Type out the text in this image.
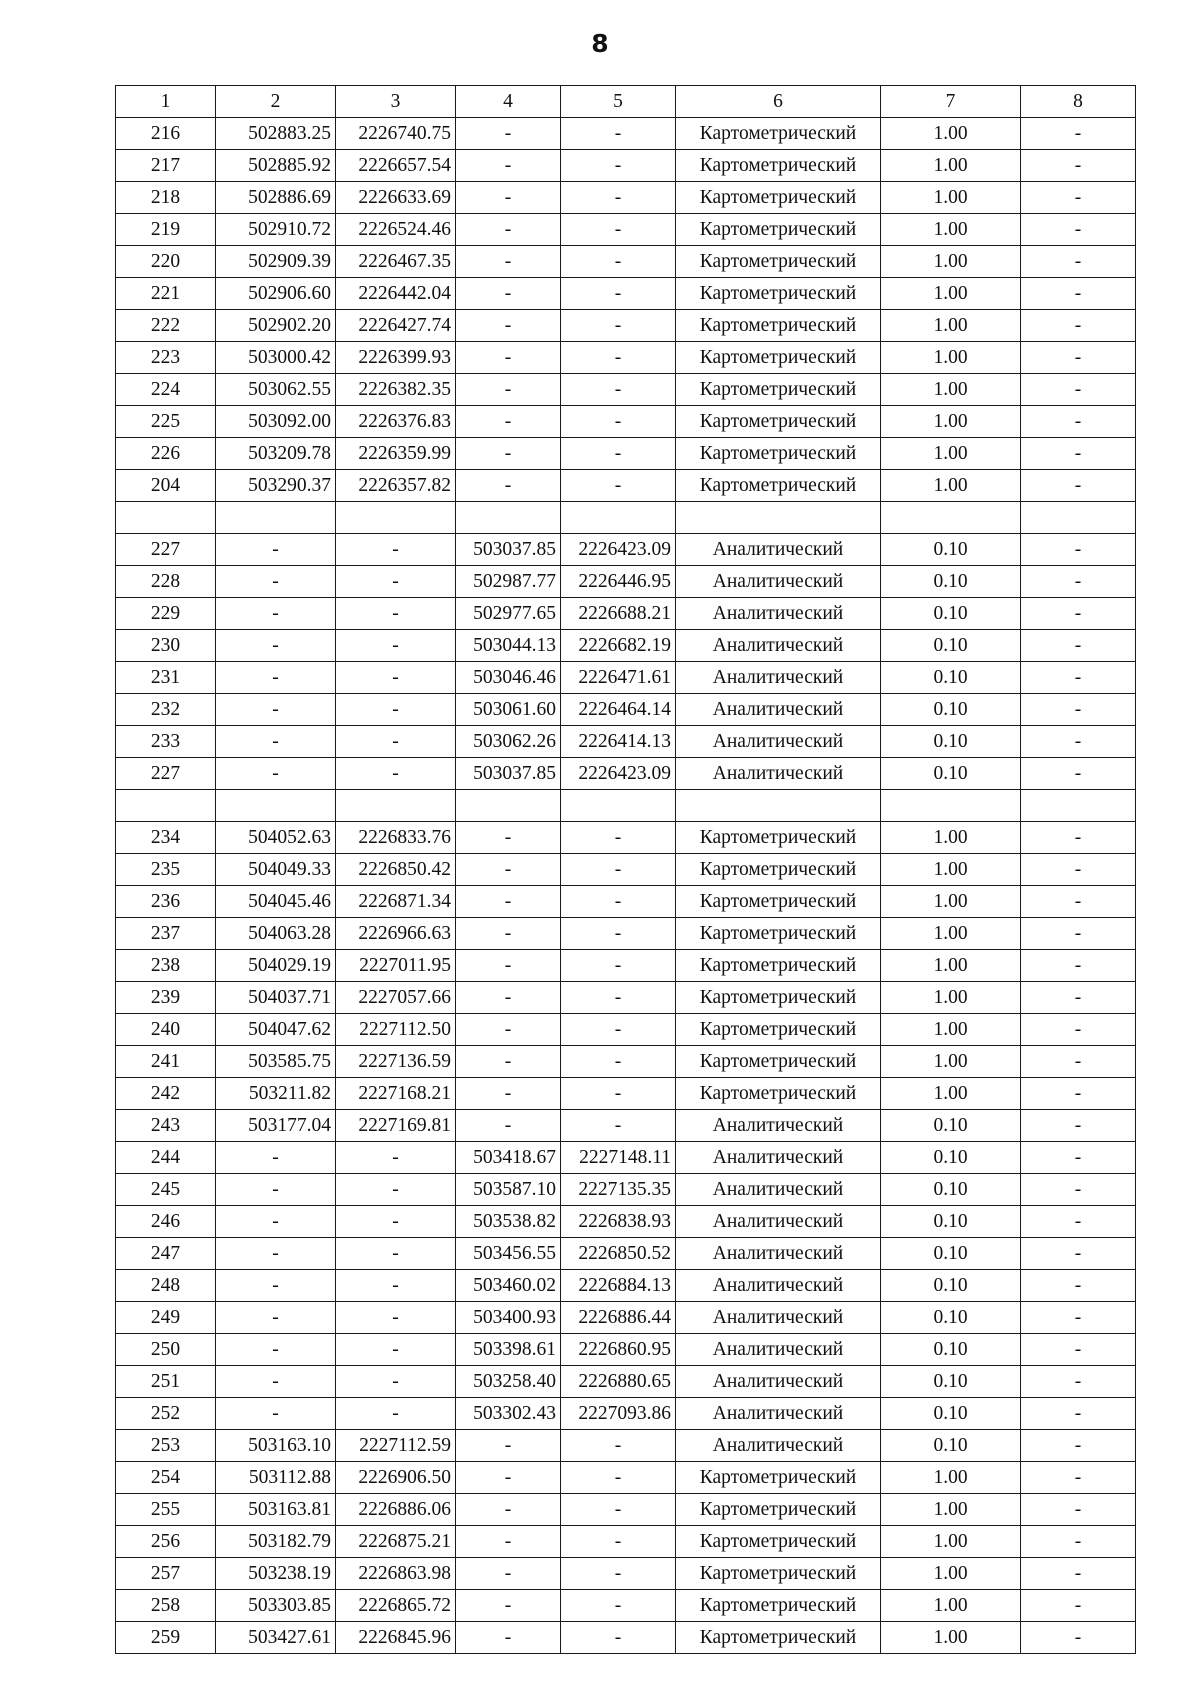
8
1	2	3	4	5	6	7	8
216	502883.25	2226740.75	-	-	Картометрический	1.00	-
217	502885.92	2226657.54	-	-	Картометрический	1.00	-
218	502886.69	2226633.69	-	-	Картометрический	1.00	-
219	502910.72	2226524.46	-	-	Картометрический	1.00	-
220	502909.39	2226467.35	-	-	Картометрический	1.00	-
221	502906.60	2226442.04	-	-	Картометрический	1.00	-
222	502902.20	2226427.74	-	-	Картометрический	1.00	-
223	503000.42	2226399.93	-	-	Картометрический	1.00	-
224	503062.55	2226382.35	-	-	Картометрический	1.00	-
225	503092.00	2226376.83	-	-	Картометрический	1.00	-
226	503209.78	2226359.99	-	-	Картометрический	1.00	-
204	503290.37	2226357.82	-	-	Картометрический	1.00	-

227	-	-	503037.85	2226423.09	Аналитический	0.10	-
228	-	-	502987.77	2226446.95	Аналитический	0.10	-
229	-	-	502977.65	2226688.21	Аналитический	0.10	-
230	-	-	503044.13	2226682.19	Аналитический	0.10	-
231	-	-	503046.46	2226471.61	Аналитический	0.10	-
232	-	-	503061.60	2226464.14	Аналитический	0.10	-
233	-	-	503062.26	2226414.13	Аналитический	0.10	-
227	-	-	503037.85	2226423.09	Аналитический	0.10	-

234	504052.63	2226833.76	-	-	Картометрический	1.00	-
235	504049.33	2226850.42	-	-	Картометрический	1.00	-
236	504045.46	2226871.34	-	-	Картометрический	1.00	-
237	504063.28	2226966.63	-	-	Картометрический	1.00	-
238	504029.19	2227011.95	-	-	Картометрический	1.00	-
239	504037.71	2227057.66	-	-	Картометрический	1.00	-
240	504047.62	2227112.50	-	-	Картометрический	1.00	-
241	503585.75	2227136.59	-	-	Картометрический	1.00	-
242	503211.82	2227168.21	-	-	Картометрический	1.00	-
243	503177.04	2227169.81	-	-	Аналитический	0.10	-
244	-	-	503418.67	2227148.11	Аналитический	0.10	-
245	-	-	503587.10	2227135.35	Аналитический	0.10	-
246	-	-	503538.82	2226838.93	Аналитический	0.10	-
247	-	-	503456.55	2226850.52	Аналитический	0.10	-
248	-	-	503460.02	2226884.13	Аналитический	0.10	-
249	-	-	503400.93	2226886.44	Аналитический	0.10	-
250	-	-	503398.61	2226860.95	Аналитический	0.10	-
251	-	-	503258.40	2226880.65	Аналитический	0.10	-
252	-	-	503302.43	2227093.86	Аналитический	0.10	-
253	503163.10	2227112.59	-	-	Аналитический	0.10	-
254	503112.88	2226906.50	-	-	Картометрический	1.00	-
255	503163.81	2226886.06	-	-	Картометрический	1.00	-
256	503182.79	2226875.21	-	-	Картометрический	1.00	-
257	503238.19	2226863.98	-	-	Картометрический	1.00	-
258	503303.85	2226865.72	-	-	Картометрический	1.00	-
259	503427.61	2226845.96	-	-	Картометрический	1.00	-
